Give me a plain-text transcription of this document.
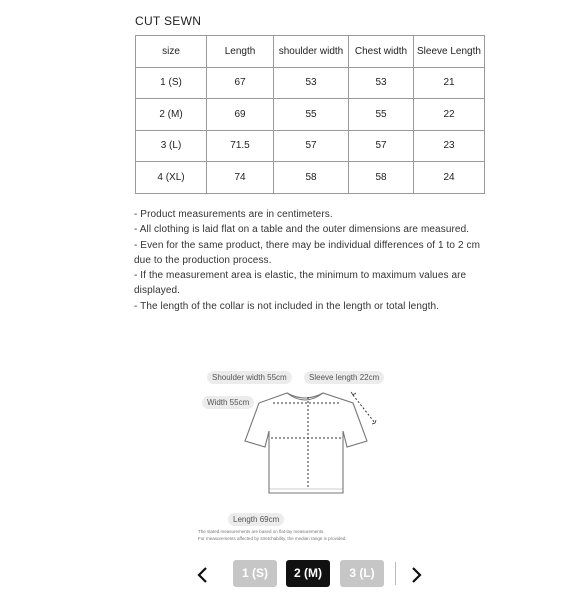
CUT SEWN
size	Length	shoulder width	Chest width	Sleeve Length
1 (S)	67	53	53	21
2 (M)	69	55	55	22
3 (L)	71.5	57	57	23
4 (XL)	74	58	58	24
- Product measurements are in centimeters.
- All clothing is laid flat on a table and the outer dimensions are measured.
- Even for the same product, there may be individual differences of 1 to 2 cm due to the production process.
- If the measurement area is elastic, the minimum to maximum values are displayed.
- The length of the collar is not included in the length or total length.
Shoulder width 55cm	Sleeve length 22cm
Width 55cm
Length 69cm
The stated measurements are based on flat-lay measurements.
For measurements affected by stretchability, the median range is provided.
1 (S)	2 (M)	3 (L)
